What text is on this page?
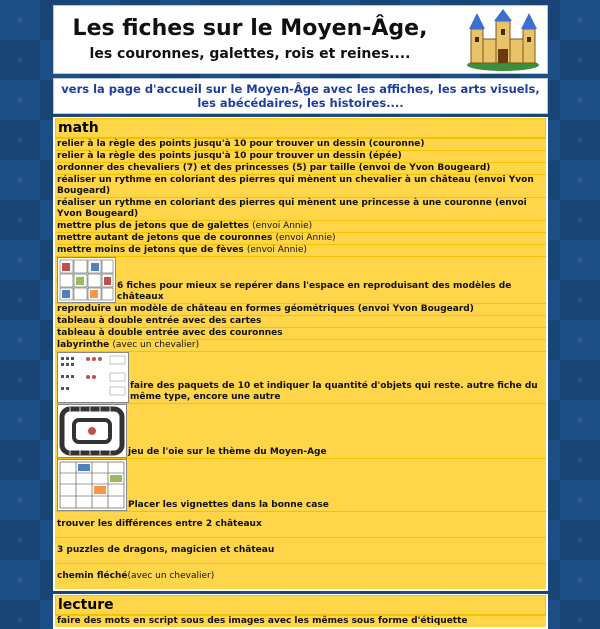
Les fiches sur le Moyen-Âge,
les couronnes, galettes, rois et reines....
vers la page d'accueil sur le Moyen-Âge avec les affiches, les arts visuels, les abécédaires, les histoires....
math
relier à la règle des points jusqu'à 10 pour trouver un dessin (couronne)
relier à la règle des points jusqu'à 10 pour trouver un dessin (épée)
ordonner des chevaliers (7) et des princesses (5) par taille (envoi de Yvon Bougeard)
réaliser un rythme en coloriant des pierres qui mènent un chevalier à un château (envoi Yvon Bougeard)
réaliser un rythme en coloriant des pierres qui mènent une princesse à une couronne (envoi Yvon Bougeard)
mettre plus de jetons que de galettes (envoi Annie)
mettre autant de jetons que de couronnes (envoi Annie)
mettre moins de jetons que de fèves (envoi Annie)
6 fiches pour mieux se repérer dans l'espace en reproduisant des modèles de châteaux
reproduire un modèle de château en formes géométriques (envoi Yvon Bougeard)
tableau à double entrée avec des cartes
tableau à double entrée avec des couronnes
labyrinthe (avec un chevalier)
faire des paquets de 10 et indiquer la quantité d'objets qui reste. autre fiche du même type, encore une autre
jeu de l'oie sur le thème du Moyen-Age
Placer les vignettes dans la bonne case
trouver les différences entre 2 châteaux
3 puzzles de dragons, magicien et château
chemin fléché (avec un chevalier)
lecture
faire des mots en script sous des images avec les mêmes sous forme d'étiquette
